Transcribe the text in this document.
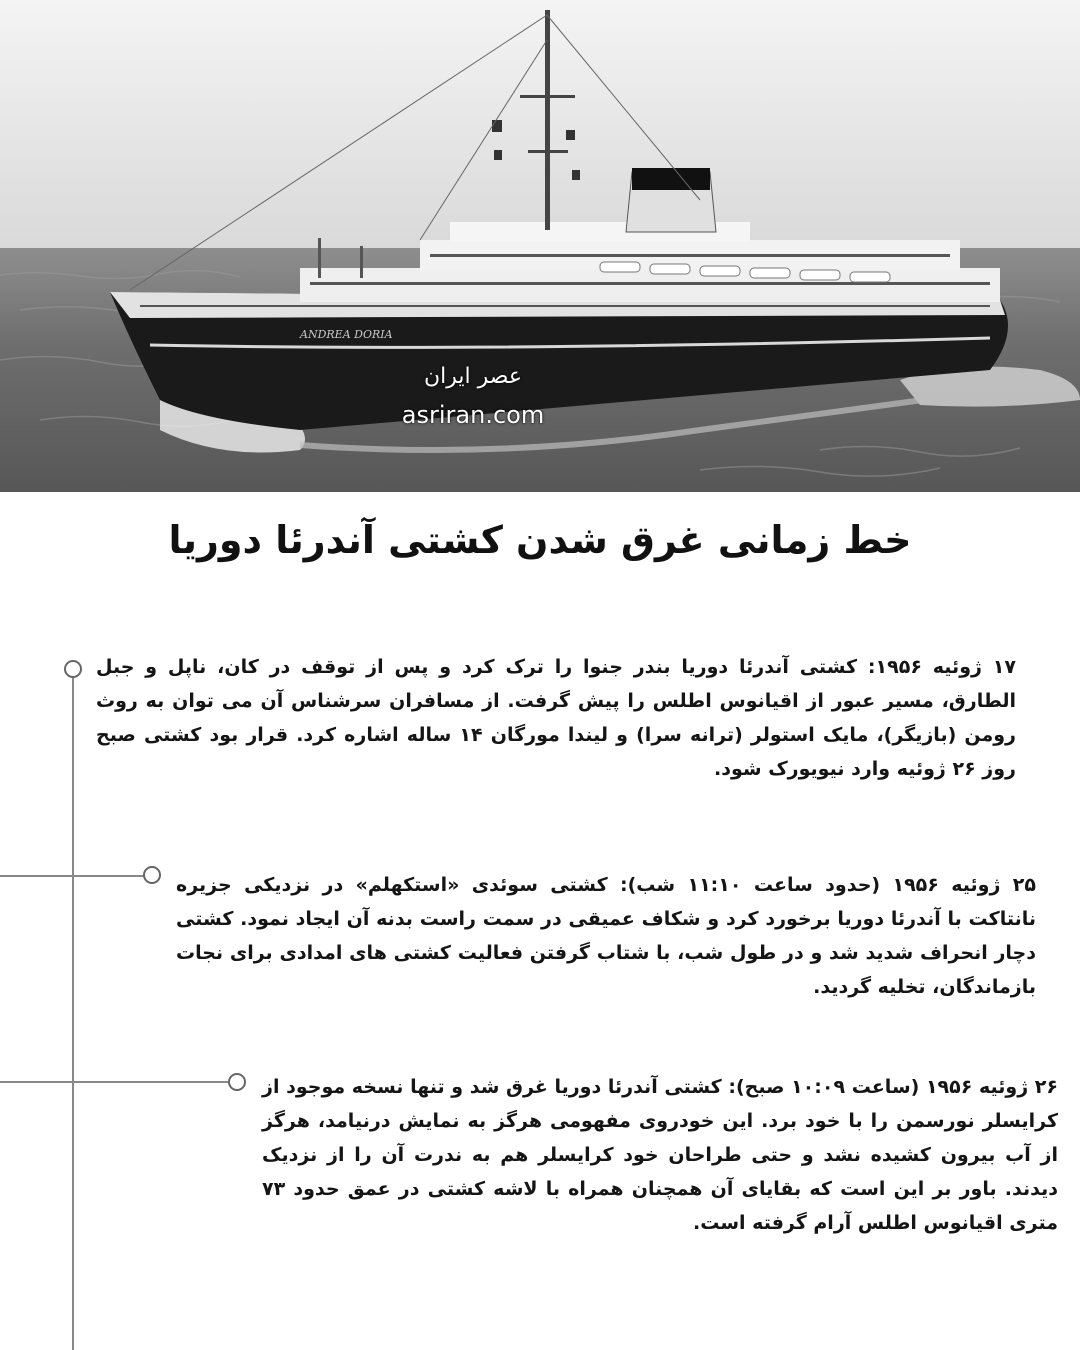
ANDREA DORIA
عصر ایران
asriran.com
خط زمانی غرق شدن کشتی آندرئا دوریا
۱۷ ژوئیه ۱۹۵۶: کشتی آندرئا دوریا بندر جنوا را ترک کرد و پس از توقف در کان، ناپل و جبل الطارق، مسیر عبور از اقیانوس اطلس را پیش گرفت. از مسافران سرشناس آن می توان به روث رومن (بازیگر)، مایک استولر (ترانه سرا) و لیندا مورگان ۱۴ ساله اشاره کرد. قرار بود کشتی صبح روز ۲۶ ژوئیه وارد نیویورک شود.
۲۵ ژوئیه ۱۹۵۶ (حدود ساعت ۱۱:۱۰ شب): کشتی سوئدی «استکهلم» در نزدیکی جزیره نانتاکت با آندرئا دوریا برخورد کرد و شکاف عمیقی در سمت راست بدنه آن ایجاد نمود. کشتی دچار انحراف شدید شد و در طول شب، با شتاب گرفتن فعالیت کشتی های امدادی برای نجات بازماندگان، تخلیه گردید.
۲۶ ژوئیه ۱۹۵۶ (ساعت ۱۰:۰۹ صبح): کشتی آندرئا دوریا غرق شد و تنها نسخه موجود از کرایسلر نورسمن را با خود برد. این خودروی مفهومی هرگز به نمایش درنیامد، هرگز از آب بیرون کشیده نشد و حتی طراحان خود کرایسلر هم به ندرت آن را از نزدیک دیدند. باور بر این است که بقایای آن همچنان همراه با لاشه کشتی در عمق حدود ۷۳ متری اقیانوس اطلس آرام گرفته است.
